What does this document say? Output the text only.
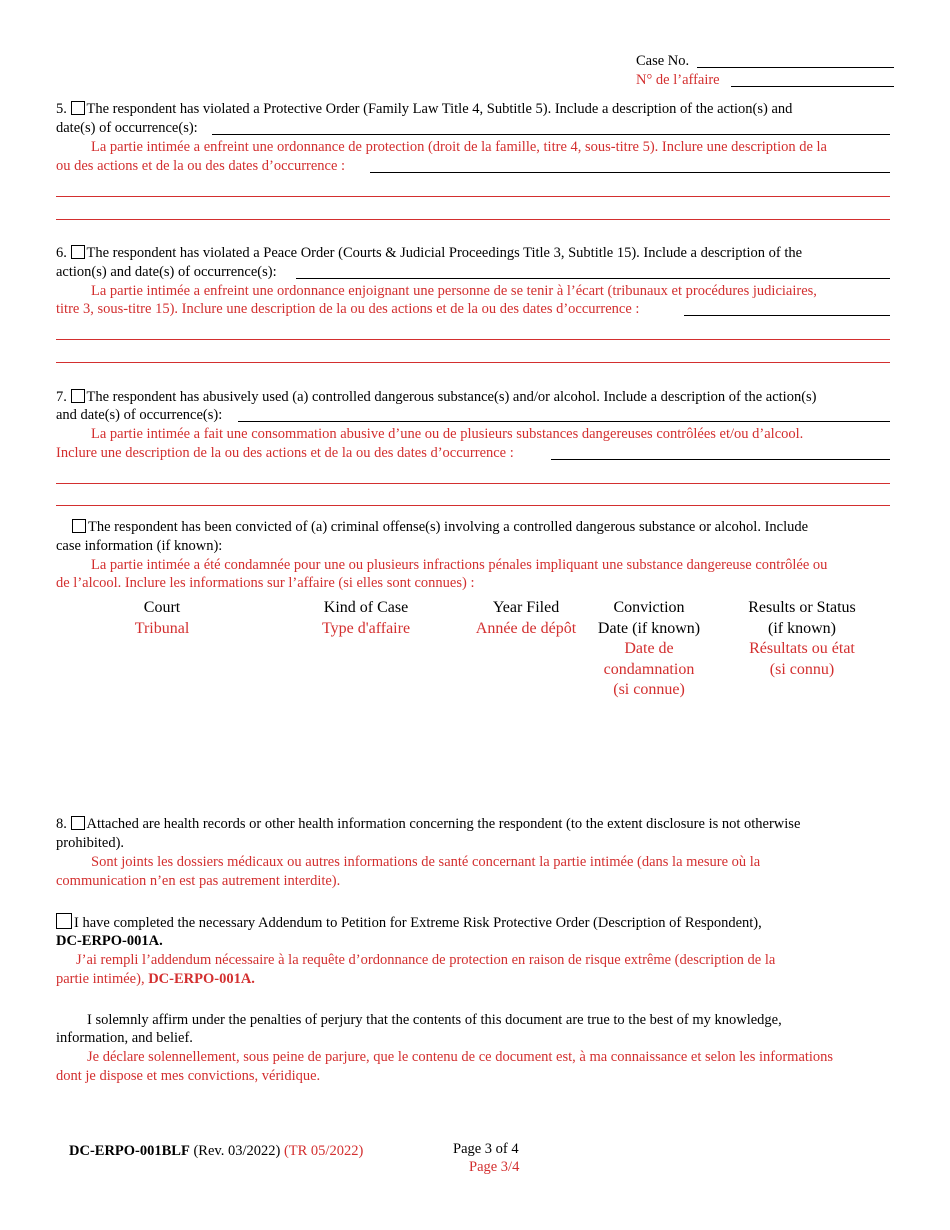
Case No.
N° de l’affaire
5. The respondent has violated a Protective Order (Family Law Title 4, Subtitle 5). Include a description of the action(s) and
date(s) of occurrence(s):
La partie intimée a enfreint une ordonnance de protection (droit de la famille, titre 4, sous-titre 5). Inclure une description de la
ou des actions et de la ou des dates d’occurrence :
6. The respondent has violated a Peace Order (Courts & Judicial Proceedings Title 3, Subtitle 15). Include a description of the
action(s) and date(s) of occurrence(s):
La partie intimée a enfreint une ordonnance enjoignant une personne de se tenir à l’écart (tribunaux et procédures judiciaires,
titre 3, sous-titre 15). Inclure une description de la ou des actions et de la ou des dates d’occurrence :
7. The respondent has abusively used (a) controlled dangerous substance(s) and/or alcohol. Include a description of the action(s)
and date(s) of occurrence(s):
La partie intimée a fait une consommation abusive d’une ou de plusieurs substances dangereuses contrôlées et/ou d’alcool.
Inclure une description de la ou des actions et de la ou des dates d’occurrence :
The respondent has been convicted of (a) criminal offense(s) involving a controlled dangerous substance or alcohol. Include
case information (if known):
La partie intimée a été condamnée pour une ou plusieurs infractions pénales impliquant une substance dangereuse contrôlée ou
de l’alcool. Inclure les informations sur l’affaire (si elles sont connues) :
Court
Tribunal
Kind of Case
Type d'affaire
Year Filed
Année de dépôt
Conviction
Date (if known)
Date de
condamnation
(si connue)
Results or Status
(if known)
Résultats ou état
(si connu)
8. Attached are health records or other health information concerning the respondent (to the extent disclosure is not otherwise
prohibited).
Sont joints les dossiers médicaux ou autres informations de santé concernant la partie intimée (dans la mesure où la
communication n’en est pas autrement interdite).
I have completed the necessary Addendum to Petition for Extreme Risk Protective Order (Description of Respondent),
DC-ERPO-001A.
J’ai rempli l’addendum nécessaire à la requête d’ordonnance de protection en raison de risque extrême (description de la
partie intimée), DC-ERPO-001A.
I solemnly affirm under the penalties of perjury that the contents of this document are true to the best of my knowledge,
information, and belief.
Je déclare solennellement, sous peine de parjure, que le contenu de ce document est, à ma connaissance et selon les informations
dont je dispose et mes convictions, véridique.
DC-ERPO-001BLF (Rev. 03/2022) (TR 05/2022)	Page 3 of 4
Page 3/4
